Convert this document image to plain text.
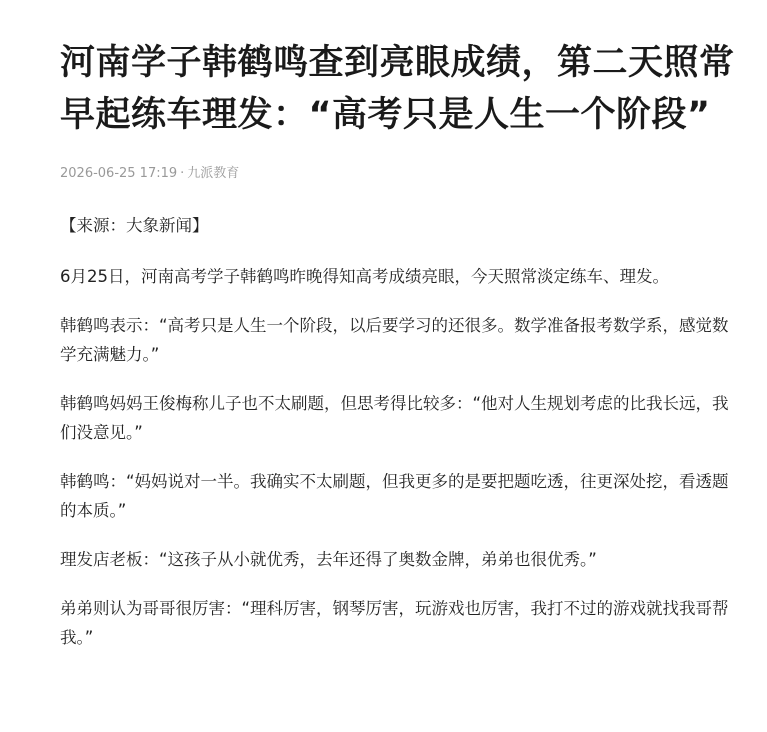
河南学子韩鹤鸣查到亮眼成绩，第二天照常早起练车理发：“高考只是人生一个阶段”
2026-06-25 17:19 · 九派教育

【来源：大象新闻】

6月25日，河南高考学子韩鹤鸣昨晚得知高考成绩亮眼，今天照常淡定练车、理发。

韩鹤鸣表示：“高考只是人生一个阶段，以后要学习的还很多。数学准备报考数学系，感觉数学充满魅力。”

韩鹤鸣妈妈王俊梅称儿子也不太刷题，但思考得比较多：“他对人生规划考虑的比我长远，我们没意见。”

韩鹤鸣：“妈妈说对一半。我确实不太刷题，但我更多的是要把题吃透，往更深处挖，看透题的本质。”

理发店老板：“这孩子从小就优秀，去年还得了奥数金牌，弟弟也很优秀。”

弟弟则认为哥哥很厉害：“理科厉害，钢琴厉害，玩游戏也厉害，我打不过的游戏就找我哥帮我。”
